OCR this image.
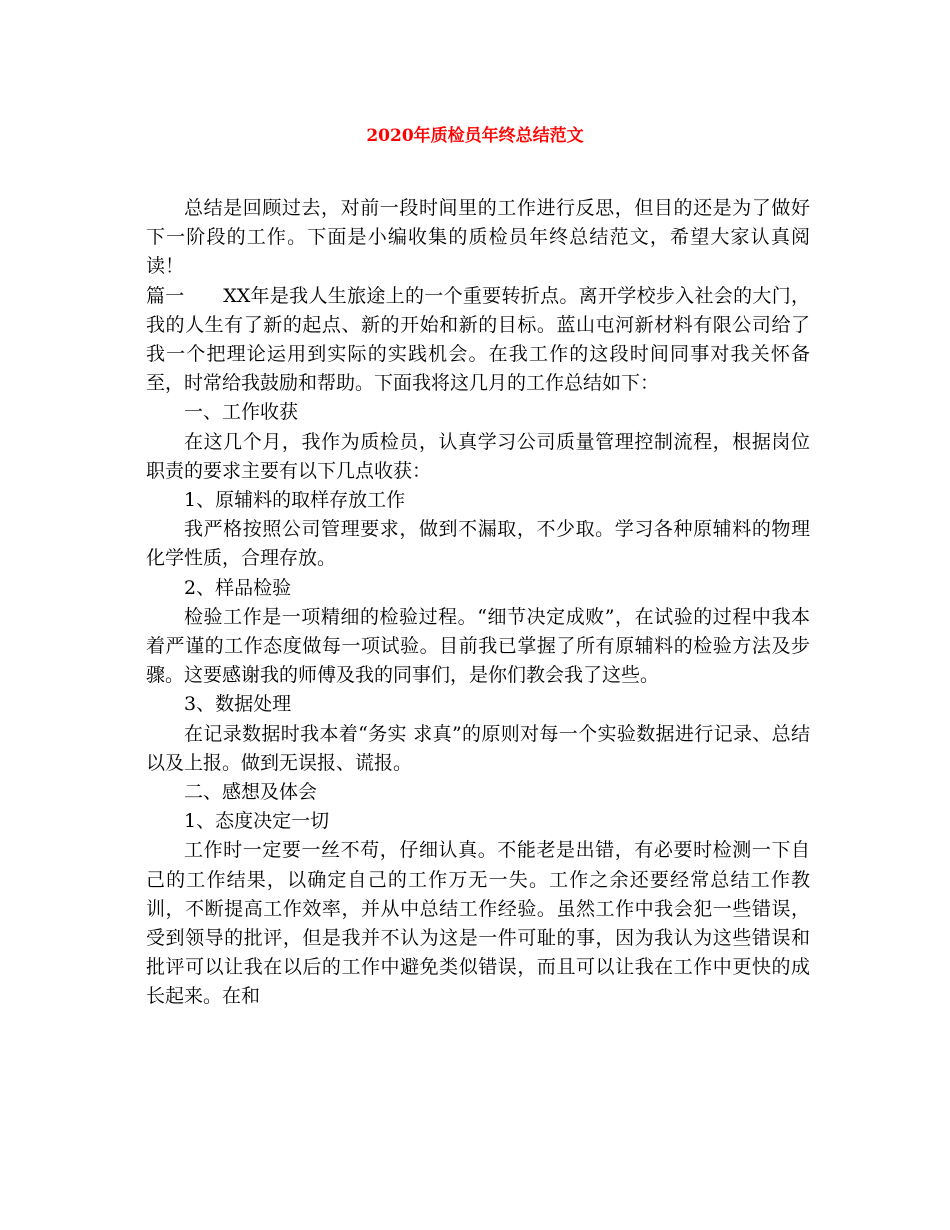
2020年质检员年终总结范文

总结是回顾过去，对前一段时间里的工作进行反思，但目的还是为了做好下一阶段的工作。下面是小编收集的质检员年终总结范文，希望大家认真阅读！

篇一　　XX年是我人生旅途上的一个重要转折点。离开学校步入社会的大门，我的人生有了新的起点、新的开始和新的目标。蓝山屯河新材料有限公司给了我一个把理论运用到实际的实践机会。在我工作的这段时间同事对我关怀备至，时常给我鼓励和帮助。下面我将这几月的工作总结如下：

一、工作收获

在这几个月，我作为质检员，认真学习公司质量管理控制流程，根据岗位职责的要求主要有以下几点收获：

1、原辅料的取样存放工作

我严格按照公司管理要求，做到不漏取，不少取。学习各种原辅料的物理化学性质，合理存放。

2、样品检验

检验工作是一项精细的检验过程。“细节决定成败”，在试验的过程中我本着严谨的工作态度做每一项试验。目前我已掌握了所有原辅料的检验方法及步骤。这要感谢我的师傅及我的同事们，是你们教会我了这些。

3、数据处理

在记录数据时我本着“务实 求真”的原则对每一个实验数据进行记录、总结以及上报。做到无误报、谎报。

二、感想及体会

1、态度决定一切

工作时一定要一丝不苟，仔细认真。不能老是出错，有必要时检测一下自己的工作结果，以确定自己的工作万无一失。工作之余还要经常总结工作教训，不断提高工作效率，并从中总结工作经验。虽然工作中我会犯一些错误，受到领导的批评，但是我并不认为这是一件可耻的事，因为我认为这些错误和批评可以让我在以后的工作中避免类似错误，而且可以让我在工作中更快的成长起来。在和
